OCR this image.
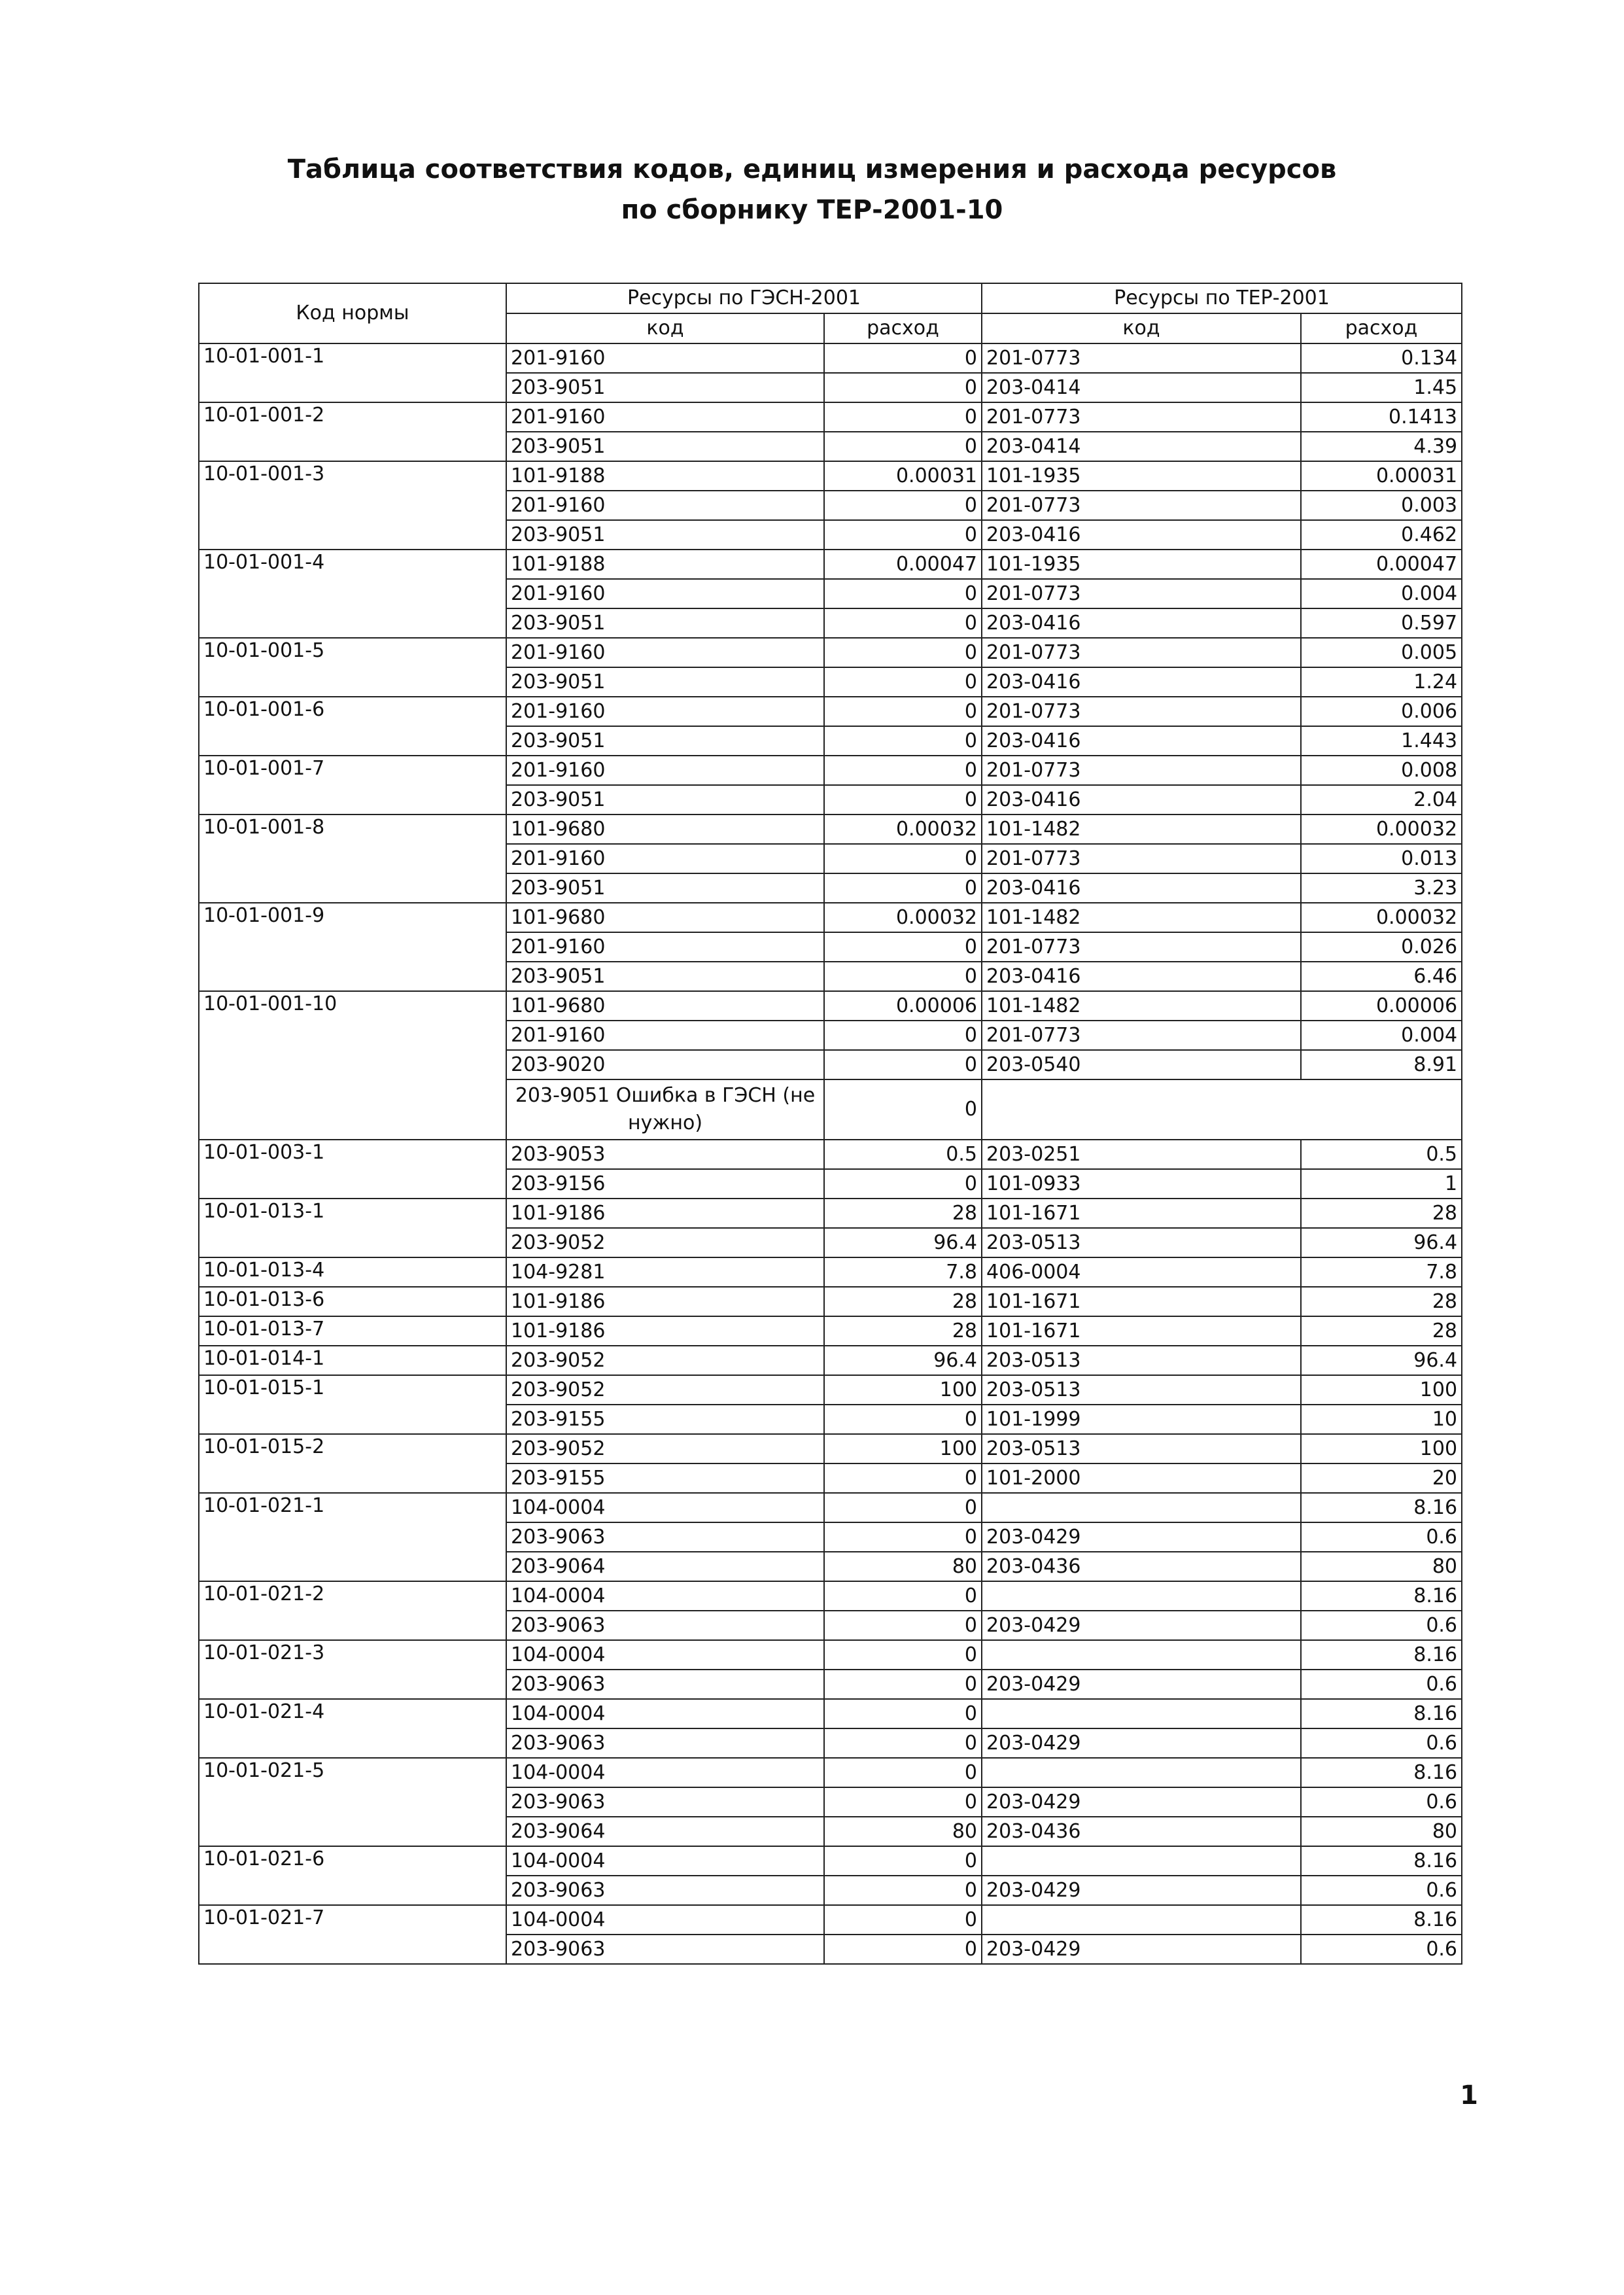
Таблица соответствия кодов, единиц измерения и расхода ресурсов
по сборнику ТЕР-2001-10
Код нормы	Ресурсы по ГЭСН-2001		Ресурсы по ТЕР-2001	
	код	расход	код	расход
10-01-001-1	201-9160	0	201-0773	0.134
	203-9051	0	203-0414	1.45
10-01-001-2	201-9160	0	201-0773	0.1413
	203-9051	0	203-0414	4.39
10-01-001-3	101-9188	0.00031	101-1935	0.00031
	201-9160	0	201-0773	0.003
	203-9051	0	203-0416	0.462
10-01-001-4	101-9188	0.00047	101-1935	0.00047
	201-9160	0	201-0773	0.004
	203-9051	0	203-0416	0.597
10-01-001-5	201-9160	0	201-0773	0.005
	203-9051	0	203-0416	1.24
10-01-001-6	201-9160	0	201-0773	0.006
	203-9051	0	203-0416	1.443
10-01-001-7	201-9160	0	201-0773	0.008
	203-9051	0	203-0416	2.04
10-01-001-8	101-9680	0.00032	101-1482	0.00032
	201-9160	0	201-0773	0.013
	203-9051	0	203-0416	3.23
10-01-001-9	101-9680	0.00032	101-1482	0.00032
	201-9160	0	201-0773	0.026
	203-9051	0	203-0416	6.46
10-01-001-10	101-9680	0.00006	101-1482	0.00006
	201-9160	0	201-0773	0.004
	203-9020	0	203-0540	8.91
	203-9051 Ошибка в ГЭСН (не нужно)	0		
10-01-003-1	203-9053	0.5	203-0251	0.5
	203-9156	0	101-0933	1
10-01-013-1	101-9186	28	101-1671	28
	203-9052	96.4	203-0513	96.4
10-01-013-4	104-9281	7.8	406-0004	7.8
10-01-013-6	101-9186	28	101-1671	28
10-01-013-7	101-9186	28	101-1671	28
10-01-014-1	203-9052	96.4	203-0513	96.4
10-01-015-1	203-9052	100	203-0513	100
	203-9155	0	101-1999	10
10-01-015-2	203-9052	100	203-0513	100
	203-9155	0	101-2000	20
10-01-021-1	104-0004	0		8.16
	203-9063	0	203-0429	0.6
	203-9064	80	203-0436	80
10-01-021-2	104-0004	0		8.16
	203-9063	0	203-0429	0.6
10-01-021-3	104-0004	0		8.16
	203-9063	0	203-0429	0.6
10-01-021-4	104-0004	0		8.16
	203-9063	0	203-0429	0.6
10-01-021-5	104-0004	0		8.16
	203-9063	0	203-0429	0.6
	203-9064	80	203-0436	80
10-01-021-6	104-0004	0		8.16
	203-9063	0	203-0429	0.6
10-01-021-7	104-0004	0		8.16
	203-9063	0	203-0429	0.6
1
